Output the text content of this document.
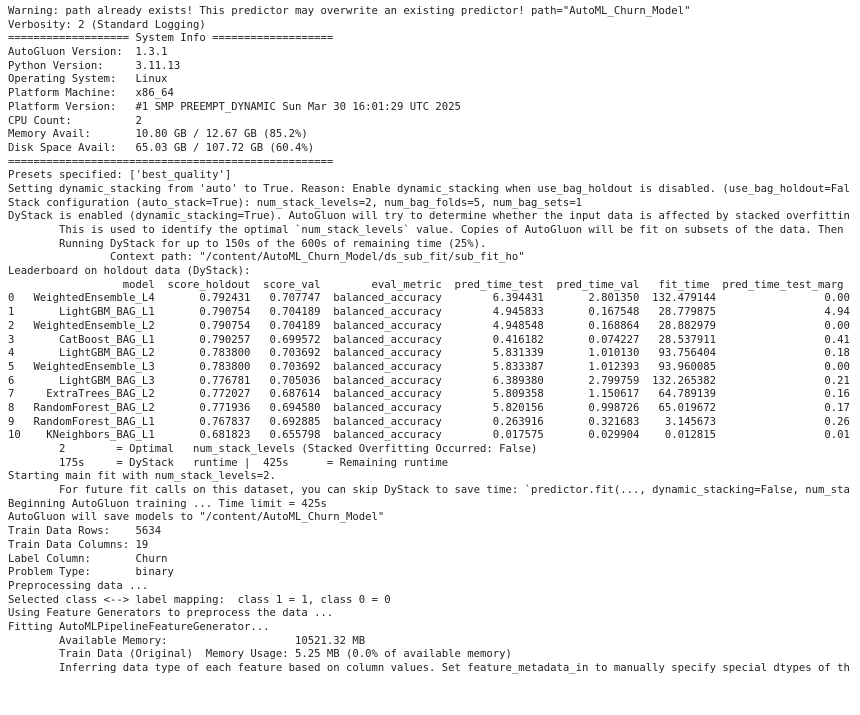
Warning: path already exists! This predictor may overwrite an existing predictor! path="AutoML_Churn_Model"
Verbosity: 2 (Standard Logging)
=================== System Info ===================
AutoGluon Version:  1.3.1
Python Version:     3.11.13
Operating System:   Linux
Platform Machine:   x86_64
Platform Version:   #1 SMP PREEMPT_DYNAMIC Sun Mar 30 16:01:29 UTC 2025
CPU Count:          2
Memory Avail:       10.80 GB / 12.67 GB (85.2%)
Disk Space Avail:   65.03 GB / 107.72 GB (60.4%)
===================================================
Presets specified: ['best_quality']
Setting dynamic_stacking from 'auto' to True. Reason: Enable dynamic_stacking when use_bag_holdout is disabled. (use_bag_holdout=Fal
Stack configuration (auto_stack=True): num_stack_levels=2, num_bag_folds=5, num_bag_sets=1
DyStack is enabled (dynamic_stacking=True). AutoGluon will try to determine whether the input data is affected by stacked overfittin
This is used to identify the optimal `num_stack_levels` value. Copies of AutoGluon will be fit on subsets of the data. Then
Running DyStack for up to 150s of the 600s of remaining time (25%).
Context path: "/content/AutoML_Churn_Model/ds_sub_fit/sub_fit_ho"
Leaderboard on holdout data (DyStack):
model  score_holdout  score_val        eval_metric  pred_time_test  pred_time_val   fit_time  pred_time_test_marg
0   WeightedEnsemble_L4       0.792431   0.707747  balanced_accuracy        6.394431       2.801350  132.479144                 0.00
1       LightGBM_BAG_L1       0.790754   0.704189  balanced_accuracy        4.945833       0.167548   28.779875                 4.94
2   WeightedEnsemble_L2       0.790754   0.704189  balanced_accuracy        4.948548       0.168864   28.882979                 0.00
3       CatBoost_BAG_L1       0.790257   0.699572  balanced_accuracy        0.416182       0.074227   28.537911                 0.41
4       LightGBM_BAG_L2       0.783800   0.703692  balanced_accuracy        5.831339       1.010130   93.756404                 0.18
5   WeightedEnsemble_L3       0.783800   0.703692  balanced_accuracy        5.833387       1.012393   93.960085                 0.00
6       LightGBM_BAG_L3       0.776781   0.705036  balanced_accuracy        6.389380       2.799759  132.265382                 0.21
7     ExtraTrees_BAG_L2       0.772027   0.687614  balanced_accuracy        5.809358       1.150617   64.789139                 0.16
8   RandomForest_BAG_L2       0.771936   0.694580  balanced_accuracy        5.820156       0.998726   65.019672                 0.17
9   RandomForest_BAG_L1       0.767837   0.692885  balanced_accuracy        0.263916       0.321683    3.145673                 0.26
10    KNeighbors_BAG_L1       0.681823   0.655798  balanced_accuracy        0.017575       0.029904    0.012815                 0.01
2        = Optimal   num_stack_levels (Stacked Overfitting Occurred: False)
175s     = DyStack   runtime |  425s      = Remaining runtime
Starting main fit with num_stack_levels=2.
For future fit calls on this dataset, you can skip DyStack to save time: `predictor.fit(..., dynamic_stacking=False, num_sta
Beginning AutoGluon training ... Time limit = 425s
AutoGluon will save models to "/content/AutoML_Churn_Model"
Train Data Rows:    5634
Train Data Columns: 19
Label Column:       Churn
Problem Type:       binary
Preprocessing data ...
Selected class <--> label mapping:  class 1 = 1, class 0 = 0
Using Feature Generators to preprocess the data ...
Fitting AutoMLPipelineFeatureGenerator...
Available Memory:                    10521.32 MB
Train Data (Original)  Memory Usage: 5.25 MB (0.0% of available memory)
Inferring data type of each feature based on column values. Set feature_metadata_in to manually specify special dtypes of th
